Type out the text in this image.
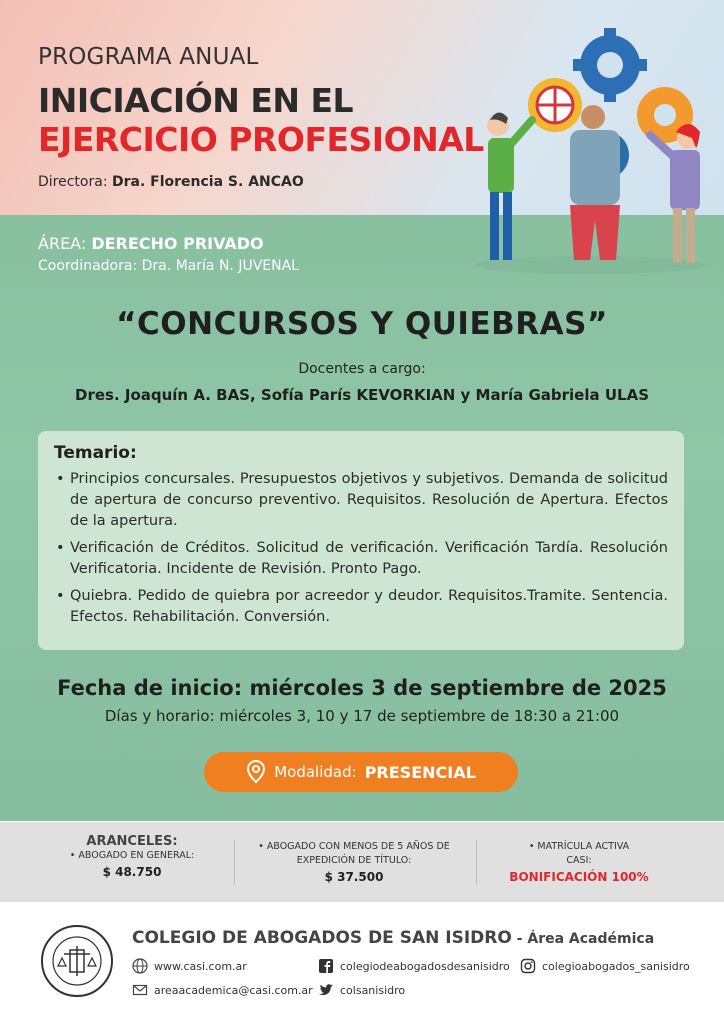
PROGRAMA ANUAL
INICIACIÓN EN EL
EJERCICIO PROFESIONAL
Directora: Dra. Florencia S. ANCAO
ÁREA: DERECHO PRIVADO
Coordinadora: Dra. María N. JUVENAL
“CONCURSOS Y QUIEBRAS”
Docentes a cargo:
Dres. Joaquín A. BAS, Sofía París KEVORKIAN y María Gabriela ULAS
Temario:
• Principios concursales. Presupuestos objetivos y subjetivos. Demanda de solicitud de apertura de concurso preventivo. Requisitos. Resolución de Apertura. Efectos de la apertura.
• Verificación de Créditos. Solicitud de verificación. Verificación Tardía. Resolución Verificatoria. Incidente de Revisión. Pronto Pago.
• Quiebra. Pedido de quiebra por acreedor y deudor. Requisitos.Tramite. Sentencia. Efectos. Rehabilitación. Conversión.
Fecha de inicio: miércoles 3 de septiembre de 2025
Días y horario: miércoles 3, 10 y 17 de septiembre de 18:30 a 21:00
Modalidad: PRESENCIAL
ARANCELES:
• ABOGADO EN GENERAL:
$ 48.750
• ABOGADO CON MENOS DE 5 AÑOS DE
EXPEDICIÓN DE TÍTULO:
$ 37.500
• MATRÍCULA ACTIVA
CASI:
BONIFICACIÓN 100%
COLEGIO DE ABOGADOS DE SAN ISIDRO - Área Académica
www.casi.com.ar	colegiodeabogadosdesanisidro	colegioabogados_sanisidro
areaacademica@casi.com.ar colsanisidro
